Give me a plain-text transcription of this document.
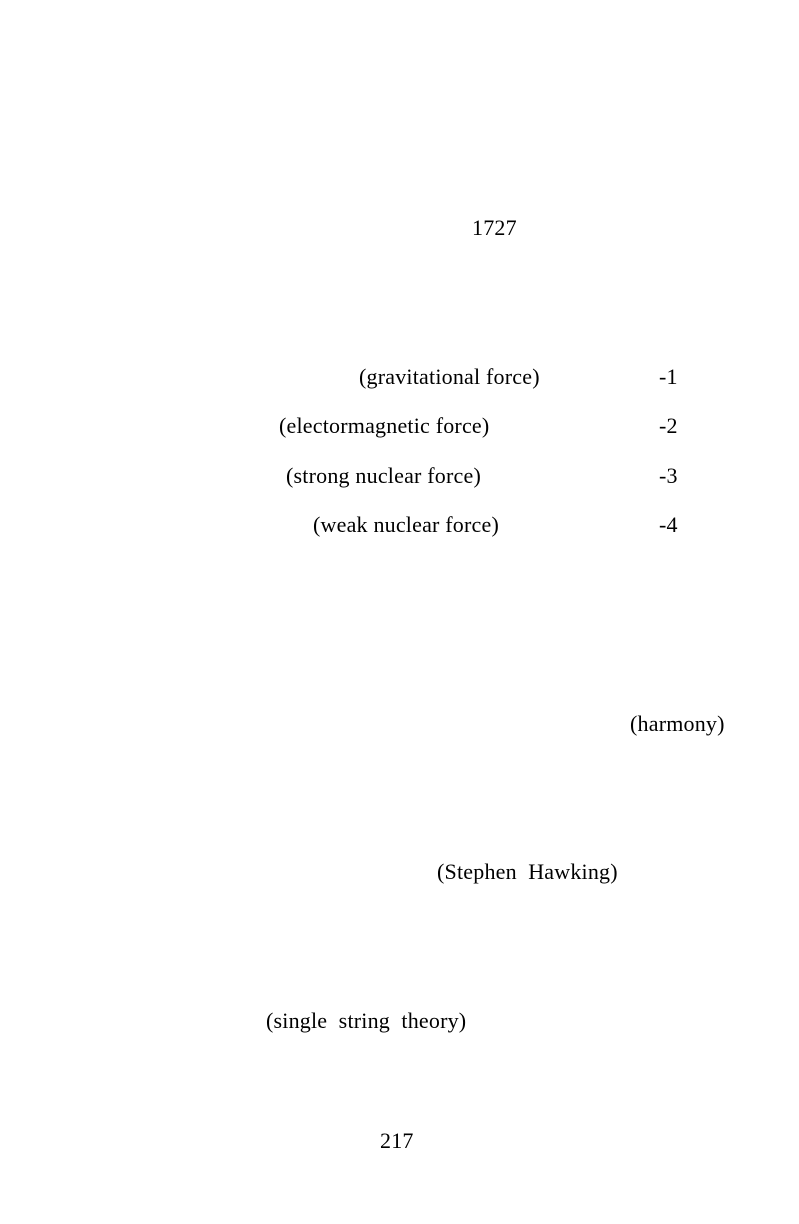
1727
(gravitational force)	-1
(electormagnetic force)	-2
(strong nuclear force)	-3
(weak nuclear force)	-4
(harmony)
(Stephen  Hawking)
(single  string  theory)
217
